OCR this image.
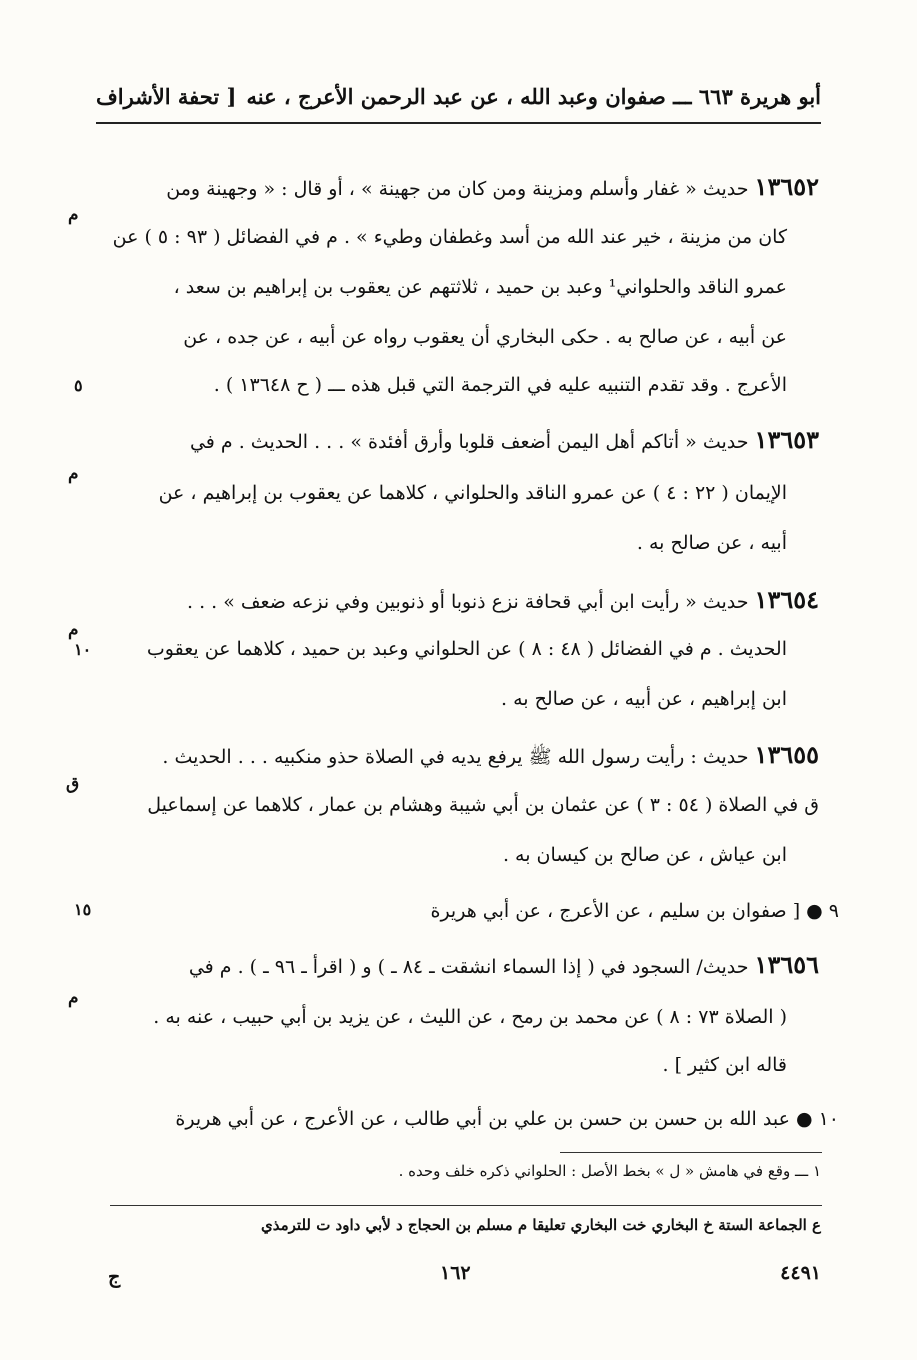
أبو هريرة ٦٦٣ ـــ صفوان وعبد الله ، عن عبد الرحمن الأعرج ، عنه
[ تحفة الأشراف
١٣٦٥٢ حديث « غفار وأسلم ومزينة ومن كان من جهينة » ، أو قال : « وجهينة ومن
م
كان من مزينة ، خير عند الله من أسد وغطفان وطيء » . م في الفضائل ( ٩٣ : ٥ ) عن
عمرو الناقد والحلواني¹ وعبد بن حميد ، ثلاثتهم عن يعقوب بن إبراهيم بن سعد ،
عن أبيه ، عن صالح به . حكى البخاري أن يعقوب رواه عن أبيه ، عن جده ، عن
الأعرج . وقد تقدم التنبيه عليه في الترجمة التي قبل هذه ـــ ( ح ١٣٦٤٨ ) .
٥
١٣٦٥٣ حديث « أتاكم أهل اليمن أضعف قلوبا وأرق أفئدة » . . . الحديث . م في
م
الإيمان ( ٢٢ : ٤ ) عن عمرو الناقد والحلواني ، كلاهما عن يعقوب بن إبراهيم ، عن
أبيه ، عن صالح به .
١٣٦٥٤ حديث « رأيت ابن أبي قحافة نزع ذنوبا أو ذنوبين وفي نزعه ضعف » . . .
م
الحديث . م في الفضائل ( ٤٨ : ٨ ) عن الحلواني وعبد بن حميد ، كلاهما عن يعقوب
١٠
ابن إبراهيم ، عن أبيه ، عن صالح به .
١٣٦٥٥ حديث : رأيت رسول الله ﷺ يرفع يديه في الصلاة حذو منكبيه . . . الحديث .
ق
ق في الصلاة ( ٥٤ : ٣ ) عن عثمان بن أبي شيبة وهشام بن عمار ، كلاهما عن إسماعيل
ابن عياش ، عن صالح بن كيسان به .
٩ ● [ صفوان بن سليم ، عن الأعرج ، عن أبي هريرة
١٥
١٣٦٥٦ حديث/ السجود في ( إذا السماء انشقت ـ ٨٤ ـ ) و ( اقرأ ـ ٩٦ ـ ) . م في
م
( الصلاة ٧٣ : ٨ ) عن محمد بن رمح ، عن الليث ، عن يزيد بن أبي حبيب ، عنه به .
قاله ابن كثير ] .
١٠ ● عبد الله بن حسن بن حسن بن علي بن أبي طالب ، عن الأعرج ، عن أبي هريرة
١ ـــ وقع في هامش « ل » بخط الأصل : الحلواني ذكره خلف وحده .
ع الجماعة الستة خ البخاري خت البخاري تعليقا م مسلم بن الحجاج د لأبي داود ت للترمذي
٤٤٩١
١٦٢
ج
